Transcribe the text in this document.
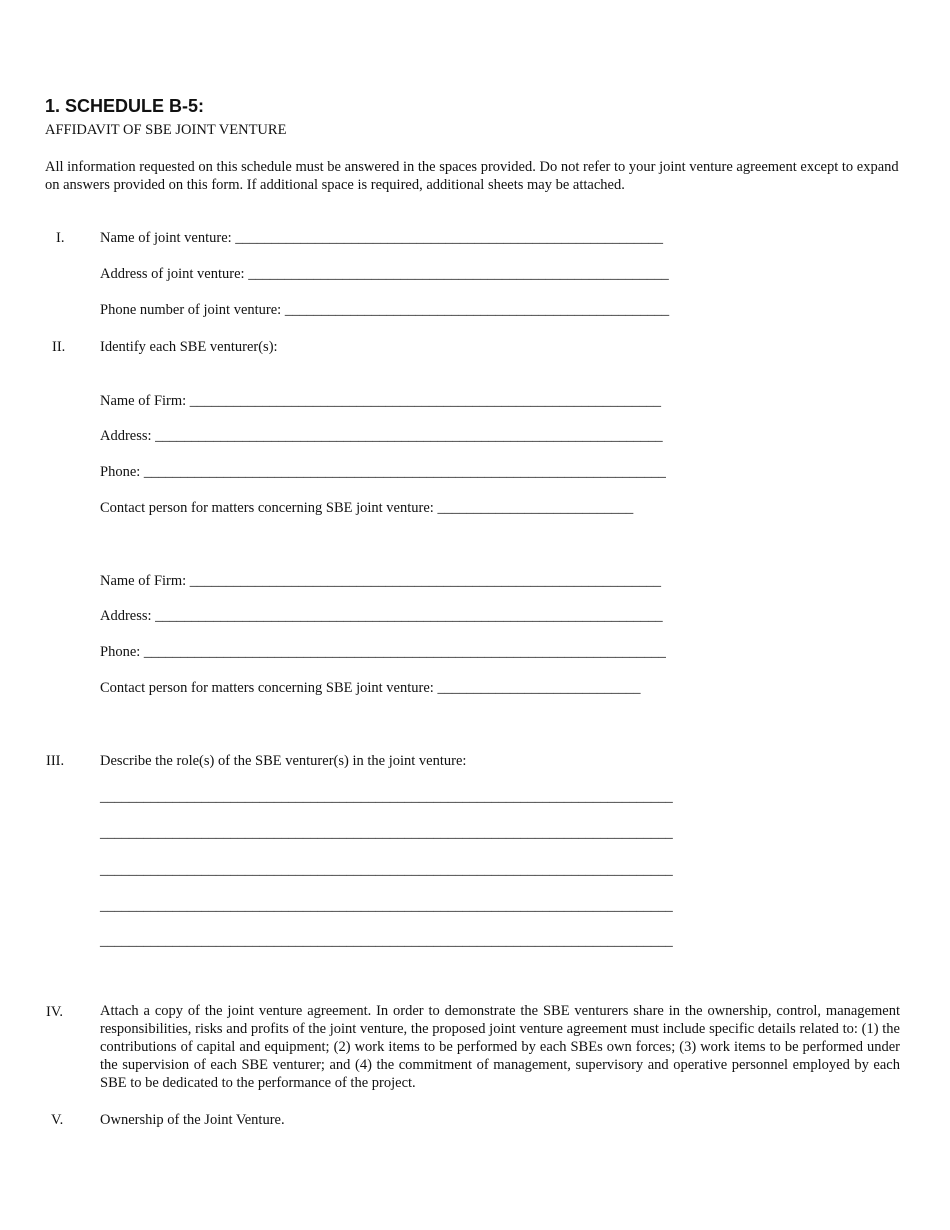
1. SCHEDULE B-5:
AFFIDAVIT OF SBE JOINT VENTURE
All information requested on this schedule must be answered in the spaces provided. Do not refer to your joint venture agreement except to expand on answers provided on this form. If additional space is required, additional sheets may be attached.
I. Name of joint venture: ___________________________________________________________
Address of joint venture: __________________________________________________________
Phone number of joint venture: _____________________________________________________
II. Identify each SBE venturer(s):
Name of Firm: _________________________________________________________________
Address: ______________________________________________________________________
Phone: ________________________________________________________________________
Contact person for matters concerning SBE joint venture: ___________________________
Name of Firm: _________________________________________________________________
Address: ______________________________________________________________________
Phone: ________________________________________________________________________
Contact person for matters concerning SBE joint venture: ____________________________
III. Describe the role(s) of the SBE venturer(s) in the joint venture:
_______________________________________________________________________________
_______________________________________________________________________________
_______________________________________________________________________________
_______________________________________________________________________________
_______________________________________________________________________________
IV.	Attach a copy of the joint venture agreement. In order to demonstrate the SBE venturers share in the ownership, control, management responsibilities, risks and profits of the joint venture, the proposed joint venture agreement must include specific details related to: (1) the contributions of capital and equipment; (2) work items to be performed by each SBEs own forces; (3) work items to be performed under the supervision of each SBE venturer; and (4) the commitment of management, supervisory and operative personnel employed by each SBE to be dedicated to the performance of the project.
V.	Ownership of the Joint Venture.
